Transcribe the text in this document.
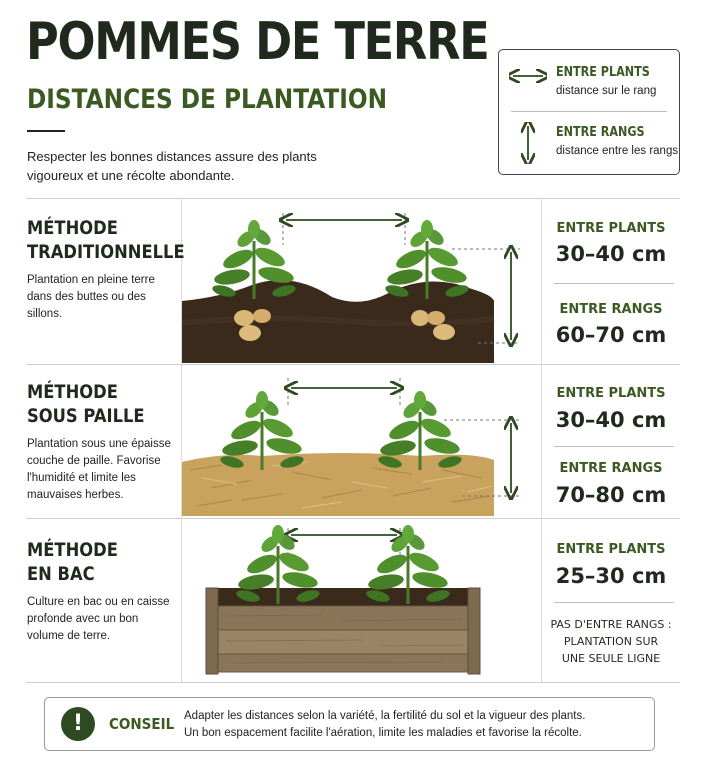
POMMES DE TERRE
DISTANCES DE PLANTATION
Respecter les bonnes distances assure des plants vigoureux et une récolte abondante.
ENTRE PLANTS
distance sur le rang
ENTRE RANGS
distance entre les rangs
MÉTHODE
TRADITIONNELLE
Plantation en pleine terre dans des buttes ou des sillons.
ENTRE PLANTS
30–40 cm
ENTRE RANGS
60–70 cm
MÉTHODE
SOUS PAILLE
Plantation sous une épaisse couche de paille. Favorise l'humidité et limite les mauvaises herbes.
ENTRE PLANTS
30–40 cm
ENTRE RANGS
70–80 cm
MÉTHODE
EN BAC
Culture en bac ou en caisse profonde avec un bon volume de terre.
ENTRE PLANTS
25–30 cm
PAS D'ENTRE RANGS :
PLANTATION SUR
UNE SEULE LIGNE
!	CONSEIL Adapter les distances selon la variété, la fertilité du sol et la vigueur des plants.
Un bon espacement facilite l'aération, limite les maladies et favorise la récolte.
